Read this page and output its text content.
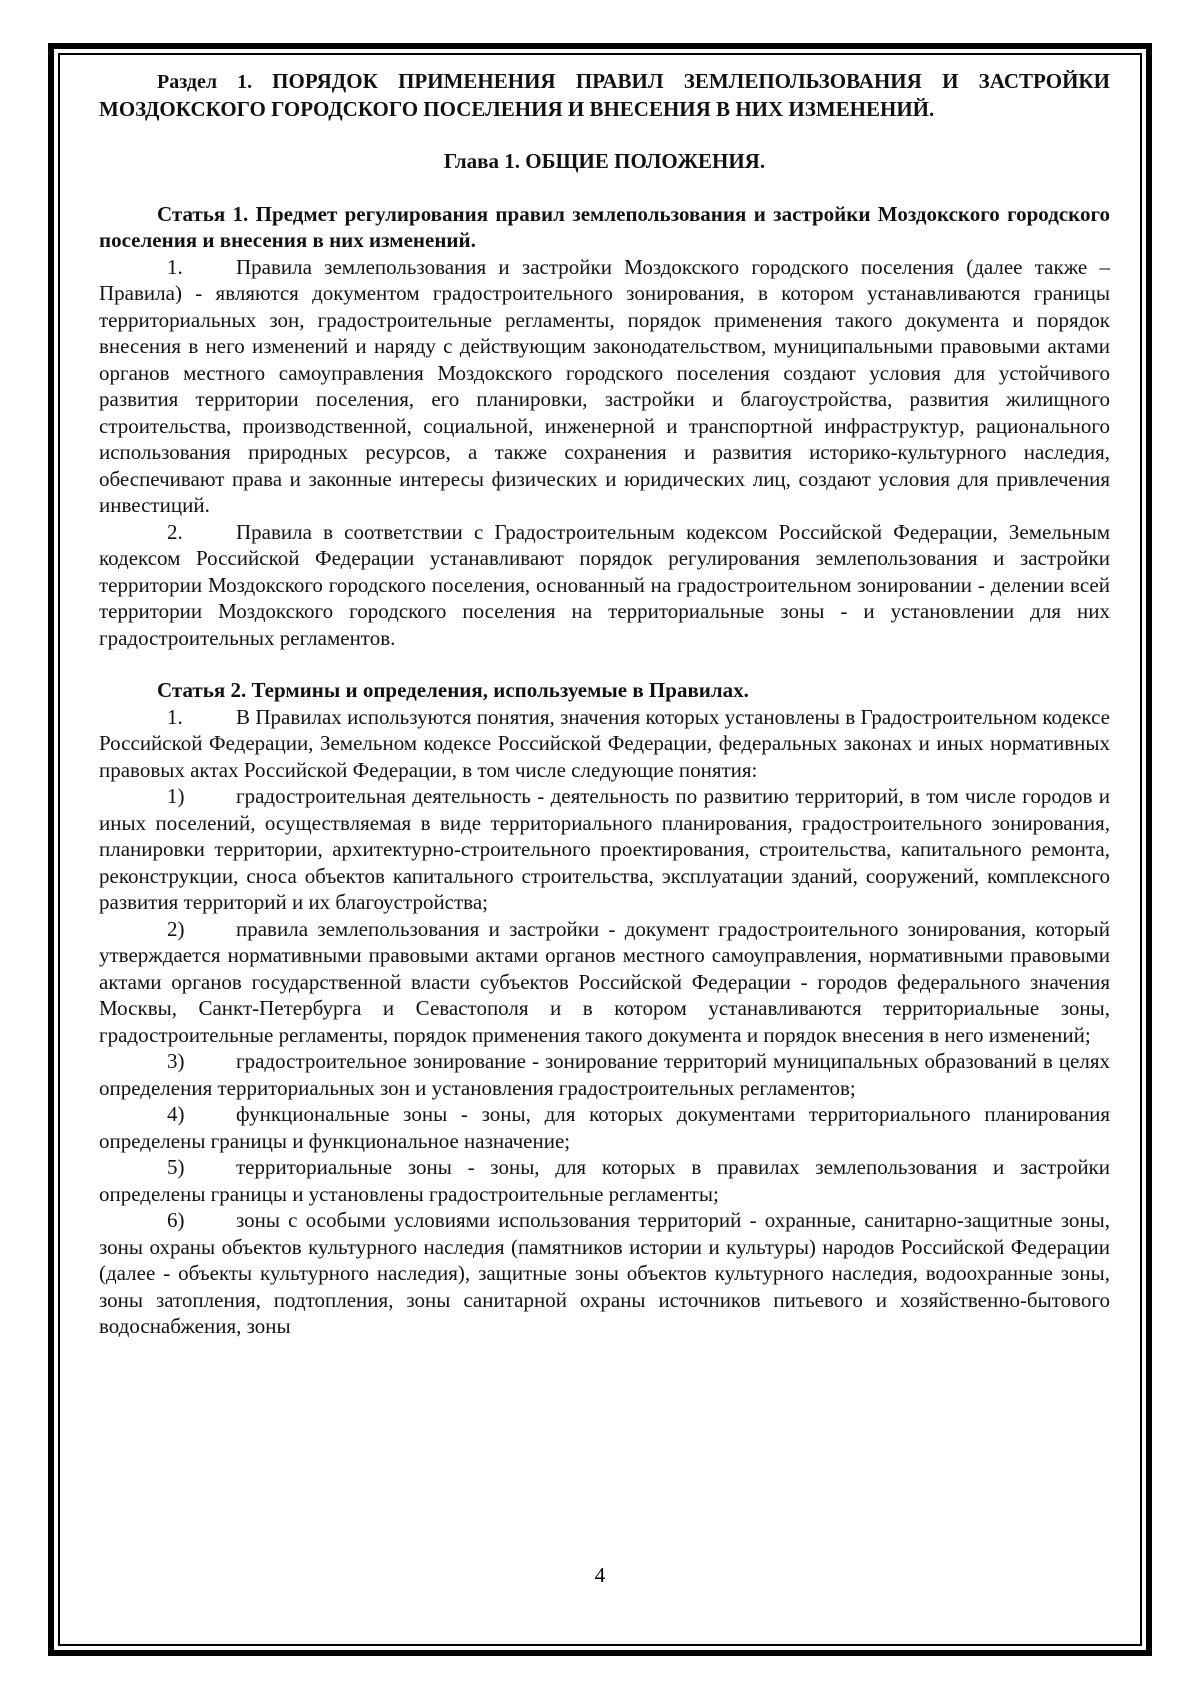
Раздел 1. ПОРЯДОК ПРИМЕНЕНИЯ ПРАВИЛ ЗЕМЛЕПОЛЬЗОВАНИЯ И ЗАСТРОЙКИ МОЗДОКСКОГО ГОРОДСКОГО ПОСЕЛЕНИЯ И ВНЕСЕНИЯ В НИХ ИЗМЕНЕНИЙ.

Глава 1. ОБЩИЕ ПОЛОЖЕНИЯ.

Статья 1. Предмет регулирования правил землепользования и застройки Моздокского городского поселения и внесения в них изменений.

1.	Правила землепользования и застройки Моздокского городского поселения (далее также – Правила) - являются документом градостроительного зонирования, в котором устанавливаются границы территориальных зон, градостроительные регламенты, порядок применения такого документа и порядок внесения в него изменений и наряду с действующим законодательством, муниципальными правовыми актами органов местного самоуправления Моздокского городского поселения создают условия для устойчивого развития территории поселения, его планировки, застройки и благоустройства, развития жилищного строительства, производственной, социальной, инженерной и транспортной инфраструктур, рационального использования природных ресурсов, а также сохранения и развития историко-культурного наследия, обеспечивают права и законные интересы физических и юридических лиц, создают условия для привлечения инвестиций.

2.	Правила в соответствии с Градостроительным кодексом Российской Федерации, Земельным кодексом Российской Федерации устанавливают порядок регулирования землепользования и застройки территории Моздокского городского поселения, основанный на градостроительном зонировании - делении всей территории Моздокского городского поселения на территориальные зоны - и установлении для них градостроительных регламентов.

Статья 2. Термины и определения, используемые в Правилах.

1.	В Правилах используются понятия, значения которых установлены в Градостроительном кодексе Российской Федерации, Земельном кодексе Российской Федерации, федеральных законах и иных нормативных правовых актах Российской Федерации, в том числе следующие понятия:

1) градостроительная деятельность - деятельность по развитию территорий, в том числе городов и иных поселений, осуществляемая в виде территориального планирования, градостроительного зонирования, планировки территории, архитектурно-строительного проектирования, строительства, капитального ремонта, реконструкции, сноса объектов капитального строительства, эксплуатации зданий, сооружений, комплексного развития территорий и их благоустройства;

2) правила землепользования и застройки - документ градостроительного зонирования, который утверждается нормативными правовыми актами органов местного самоуправления, нормативными правовыми актами органов государственной власти субъектов Российской Федерации - городов федерального значения Москвы, Санкт-Петербурга и Севастополя и в котором устанавливаются территориальные зоны, градостроительные регламенты, порядок применения такого документа и порядок внесения в него изменений;

3) градостроительное зонирование - зонирование территорий муниципальных образований в целях определения территориальных зон и установления градостроительных регламентов;

4) функциональные зоны - зоны, для которых документами территориального планирования определены границы и функциональное назначение;

5) территориальные зоны - зоны, для которых в правилах землепользования и застройки определены границы и установлены градостроительные регламенты;

6) зоны с особыми условиями использования территорий - охранные, санитарно-защитные зоны, зоны охраны объектов культурного наследия (памятников истории и культуры) народов Российской Федерации (далее - объекты культурного наследия), защитные зоны объектов культурного наследия, водоохранные зоны, зоны затопления, подтопления, зоны санитарной охраны источников питьевого и хозяйственно-бытового водоснабжения, зоны

4
